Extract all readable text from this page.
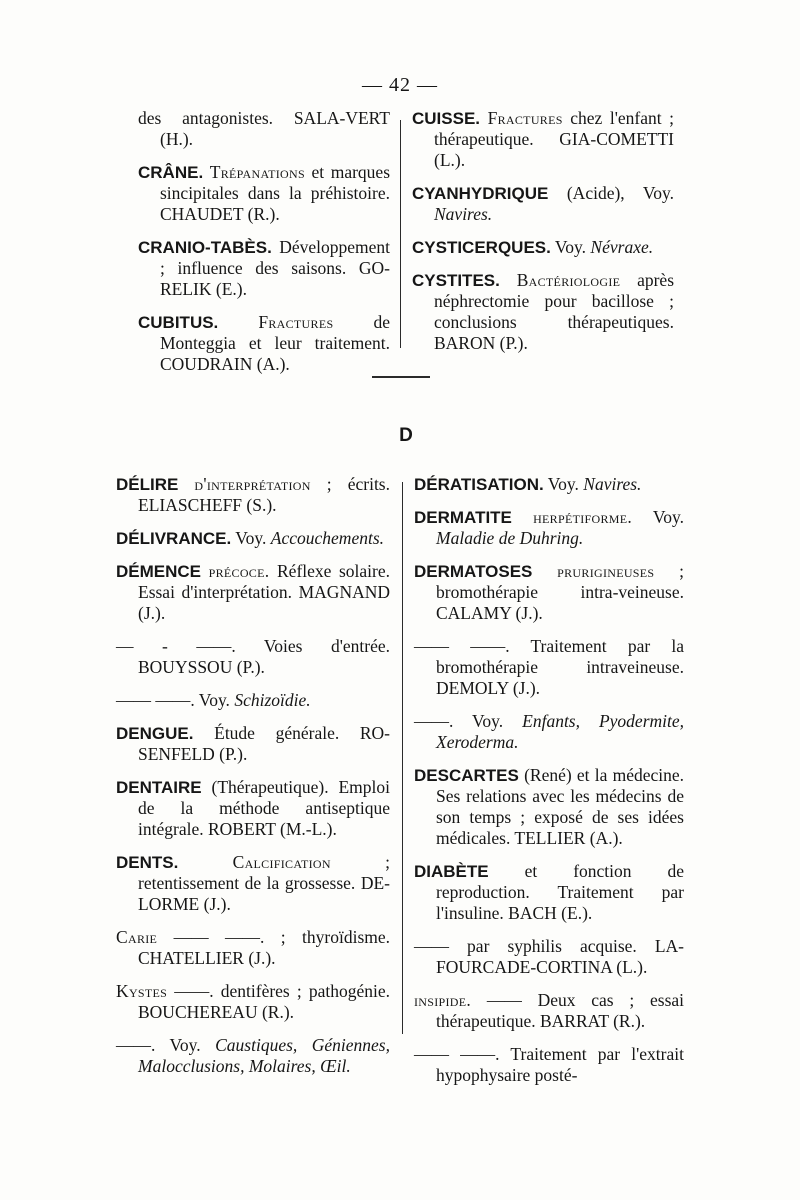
— 42 —

des antagonistes. SALA-VERT (H.).

CRÂNE. Trépanations et marques sincipitales dans la préhistoire. CHAUDET (R.).

CRANIO-TABÈS. Développement ; influence des saisons. GO-RELIK (E.).

CUBITUS. Fractures de Monteggia et leur traitement. COUDRAIN (A.).

CUISSE. Fractures chez l'enfant ; thérapeutique. GIA-COMETTI (L.).

CYANHYDRIQUE (Acide), Voy. Navires.

CYSTICERQUES. Voy. Névraxe.

CYSTITES. Bactériologie après néphrectomie pour bacillose ; conclusions thérapeutiques. BARON (P.).

D

DÉLIRE d'interprétation ; écrits. ELIASCHEFF (S.).

DÉLIVRANCE. Voy. Accouchements.

DÉMENCE précoce. Réflexe solaire. Essai d'interprétation. MAGNAND (J.).

— - ——. Voies d'entrée. BOUYSSOU (P.).

—— ——. Voy. Schizoïdie.

DENGUE. Étude générale. RO-SENFELD (P.).

DENTAIRE (Thérapeutique). Emploi de la méthode antiseptique intégrale. ROBERT (M.-L.).

DENTS.	Calcification	; retentissement de la grossesse. DE-LORME (J.).

Carie —— ——. ; thyroïdisme. CHATELLIER (J.).

Kystes ——. dentifères ; pathogénie. BOUCHEREAU (R.).

——. Voy. Caustiques, Géniennes, Malocclusions, Molaires, Œil.

DÉRATISATION. Voy. Navires.

DERMATITE herpétiforme. Voy. Maladie de Duhring.

DERMATOSES prurigineuses ; bromothérapie intra-veineuse. CALAMY (J.).

—— ——. Traitement par la bromothérapie intraveineuse. DEMOLY (J.).

——. Voy. Enfants, Pyodermite, Xeroderma.

DESCARTES (René) et la médecine. Ses relations avec les médecins de son temps ; exposé de ses idées médicales. TELLIER (A.).

DIABÈTE et fonction de reproduction. Traitement par l'insuline. BACH (E.).

—— par syphilis acquise. LA-FOURCADE-CORTINA (L.).

insipide. —— Deux cas ; essai thérapeutique. BARRAT (R.).

—— ——. Traitement par l'extrait hypophysaire posté-
